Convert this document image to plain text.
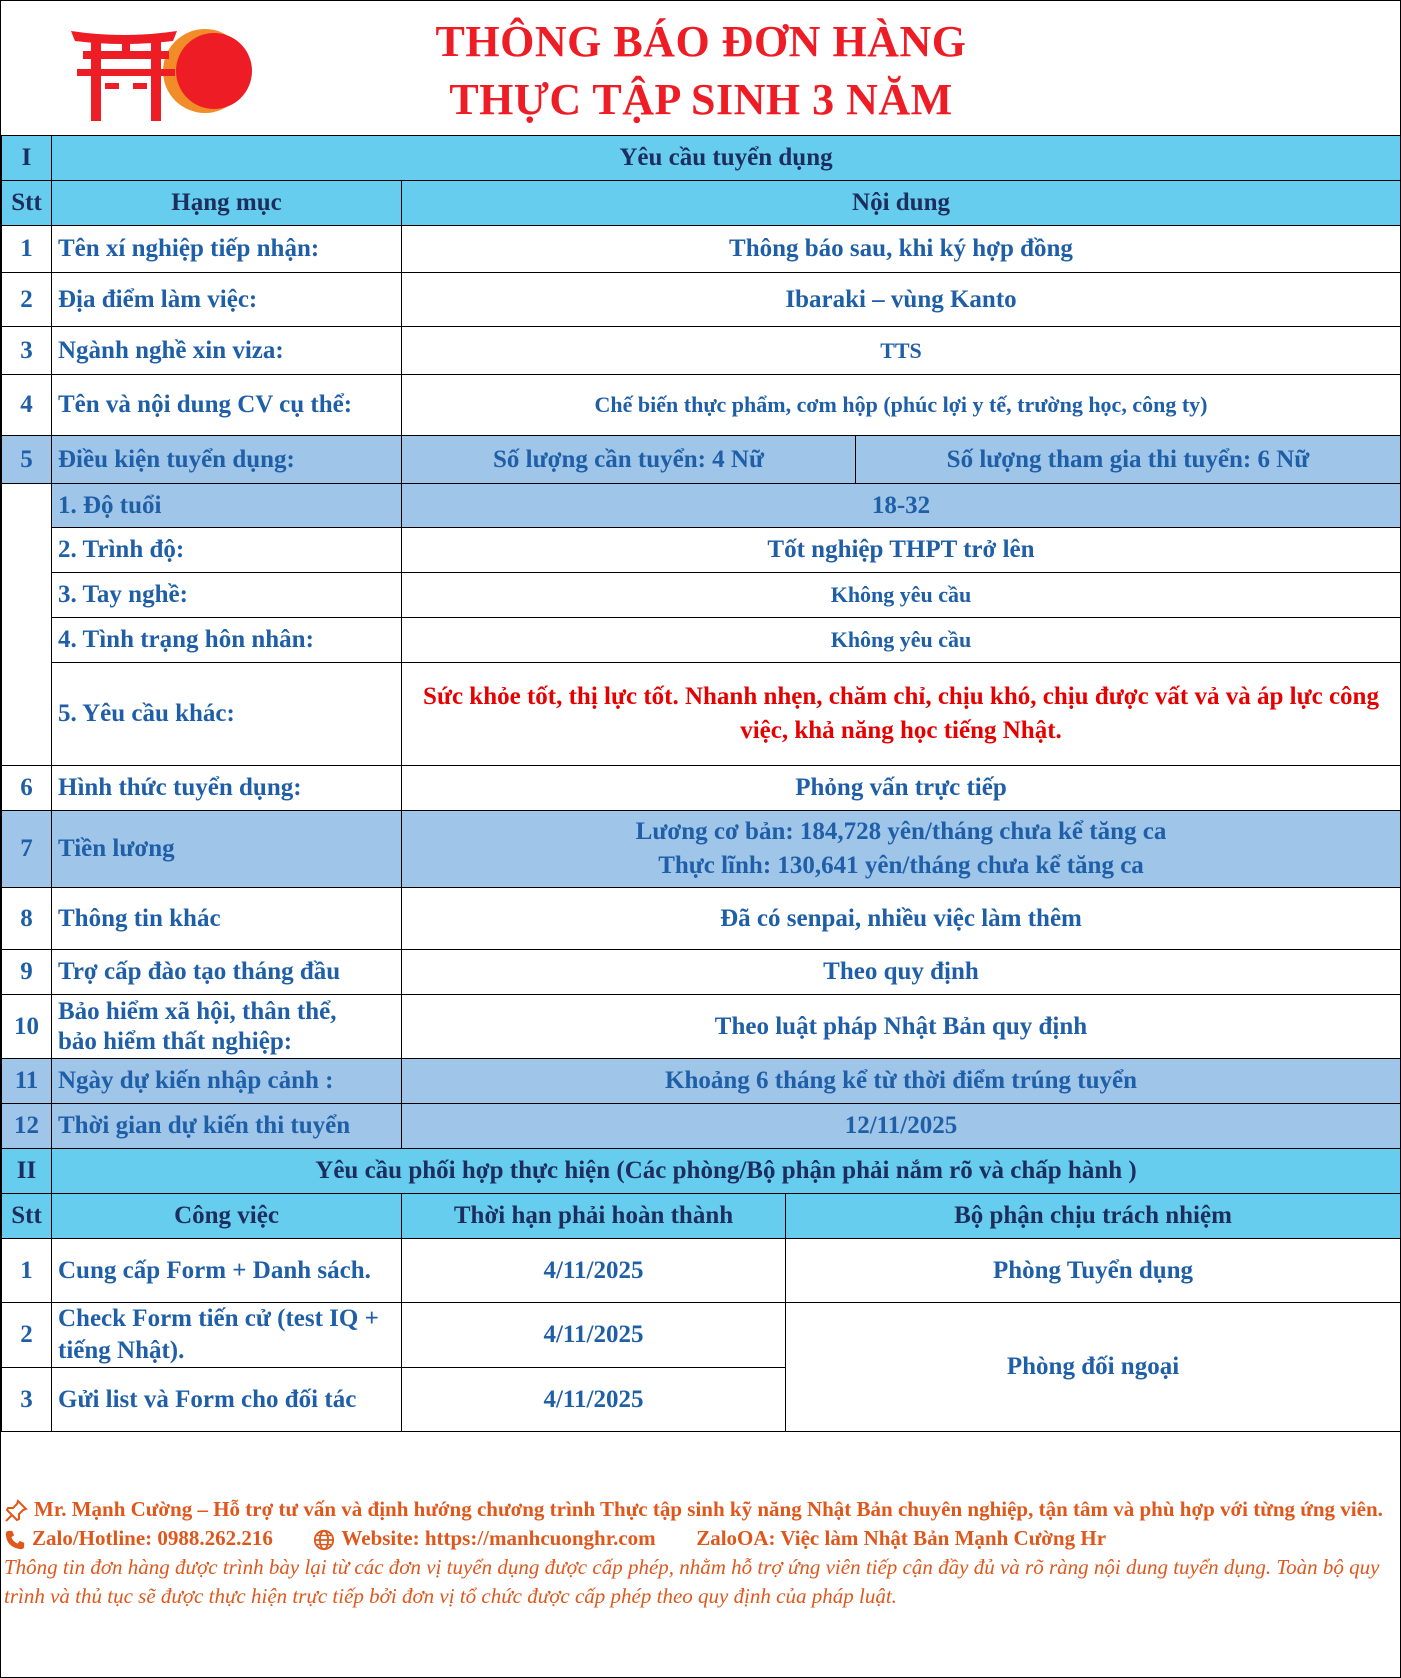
THÔNG BÁO ĐƠN HÀNG
THỰC TẬP SINH 3 NĂM
I	Yêu cầu tuyển dụng			
Stt	Hạng mục	Nội dung		
1	Tên xí nghiệp tiếp nhận:	Thông báo sau, khi ký hợp đồng		
2	Địa điểm làm việc:	Ibaraki – vùng Kanto		
3	Ngành nghề xin viza:	TTS		
4	Tên và nội dung CV cụ thể:	Chế biến thực phẩm, cơm hộp (phúc lợi y tế, trường học, công ty)		
5	Điều kiện tuyển dụng:	Số lượng cần tuyển: 4 Nữ		Số lượng tham gia thi tuyển: 6 Nữ
	1. Độ tuổi	18-32		
	2. Trình độ:	Tốt nghiệp THPT trở lên		
	3. Tay nghề:	Không yêu cầu		
	4. Tình trạng hôn nhân:	Không yêu cầu		
	5. Yêu cầu khác:	Sức khỏe tốt, thị lực tốt. Nhanh nhẹn, chăm chỉ, chịu khó, chịu được vất vả và áp lực công việc, khả năng học tiếng Nhật.		
6	Hình thức tuyển dụng:	Phỏng vấn trực tiếp		
7	Tiền lương	Lương cơ bản: 184,728 yên/tháng chưa kể tăng ca
Thực lĩnh: 130,641 yên/tháng chưa kể tăng ca		

8	Thông tin khác	Đã có senpai, nhiều việc làm thêm		
9	Trợ cấp đào tạo tháng đầu	Theo quy định		
10	Bảo hiểm xã hội, thân thể,
bảo hiểm thất nghiệp:	Theo luật pháp Nhật Bản quy định		
11	Ngày dự kiến nhập cảnh :	Khoảng 6 tháng kể từ thời điểm trúng tuyển		
12	Thời gian dự kiến thi tuyển	12/11/2025		
II	Yêu cầu phối hợp thực hiện (Các phòng/Bộ phận phải nắm rõ và chấp hành )			
Stt	Công việc	Thời hạn phải hoàn thành	Bộ phận chịu trách nhiệm	
1	Cung cấp Form + Danh sách.	4/11/2025	Phòng Tuyển dụng	
2	Check Form tiến cử (test IQ + tiếng Nhật).	4/11/2025	Phòng đối ngoại	
3	Gửi list và Form cho đối tác	4/11/2025		

Mr. Mạnh Cường – Hỗ trợ tư vấn và định hướng chương trình Thực tập sinh kỹ năng Nhật Bản chuyên nghiệp, tận tâm và phù hợp với từng ứng viên.

Zalo/Hotline: 0988.262.216	Website: https://manhcuonghr.com ZaloOA: Việc làm Nhật Bản Mạnh Cường Hr

Thông tin đơn hàng được trình bày lại từ các đơn vị tuyển dụng được cấp phép, nhằm hỗ trợ ứng viên tiếp cận đầy đủ và rõ ràng nội dung tuyển dụng. Toàn bộ quy trình và thủ tục sẽ được thực hiện trực tiếp bởi đơn vị tổ chức được cấp phép theo quy định của pháp luật.
